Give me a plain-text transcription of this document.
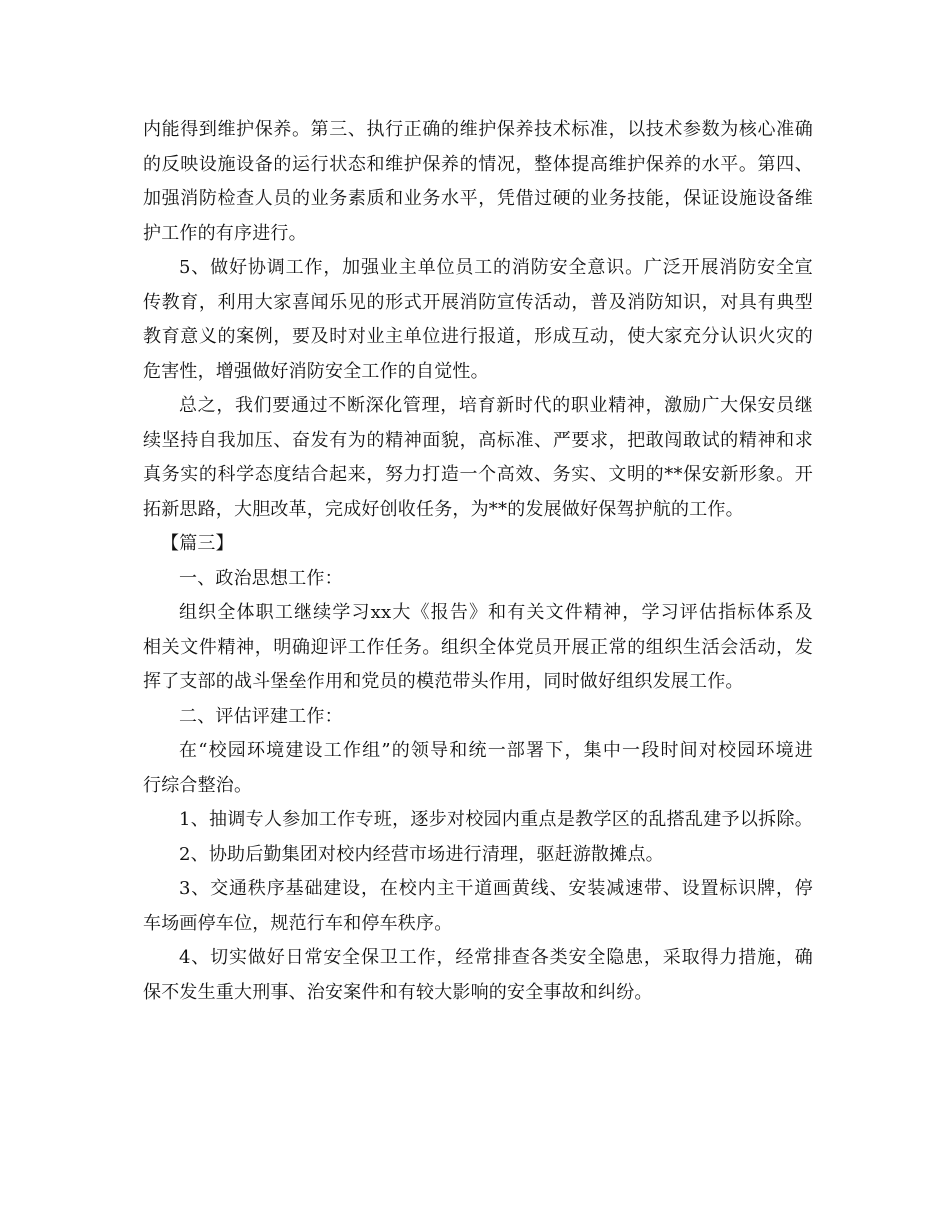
内能得到维护保养。第三、执行正确的维护保养技术标准，以技术参数为核心准确
的反映设施设备的运行状态和维护保养的情况，整体提高维护保养的水平。第四、
加强消防检查人员的业务素质和业务水平，凭借过硬的业务技能，保证设施设备维
护工作的有序进行。
5、做好协调工作，加强业主单位员工的消防安全意识。广泛开展消防安全宣
传教育，利用大家喜闻乐见的形式开展消防宣传活动，普及消防知识，对具有典型
教育意义的案例，要及时对业主单位进行报道，形成互动，使大家充分认识火灾的
危害性，增强做好消防安全工作的自觉性。
总之，我们要通过不断深化管理，培育新时代的职业精神，激励广大保安员继
续坚持自我加压、奋发有为的精神面貌，高标准、严要求，把敢闯敢试的精神和求
真务实的科学态度结合起来，努力打造一个高效、务实、文明的**保安新形象。开
拓新思路，大胆改革，完成好创收任务，为**的发展做好保驾护航的工作。
【篇三】
一、政治思想工作：
组织全体职工继续学习xx大《报告》和有关文件精神，学习评估指标体系及
相关文件精神，明确迎评工作任务。组织全体党员开展正常的组织生活会活动，发
挥了支部的战斗堡垒作用和党员的模范带头作用，同时做好组织发展工作。
二、评估评建工作：
在“校园环境建设工作组”的领导和统一部署下，集中一段时间对校园环境进
行综合整治。
1、抽调专人参加工作专班，逐步对校园内重点是教学区的乱搭乱建予以拆除。
2、协助后勤集团对校内经营市场进行清理，驱赶游散摊点。
3、交通秩序基础建设，在校内主干道画黄线、安装减速带、设置标识牌，停
车场画停车位，规范行车和停车秩序。
4、切实做好日常安全保卫工作，经常排查各类安全隐患，采取得力措施，确
保不发生重大刑事、治安案件和有较大影响的安全事故和纠纷。
